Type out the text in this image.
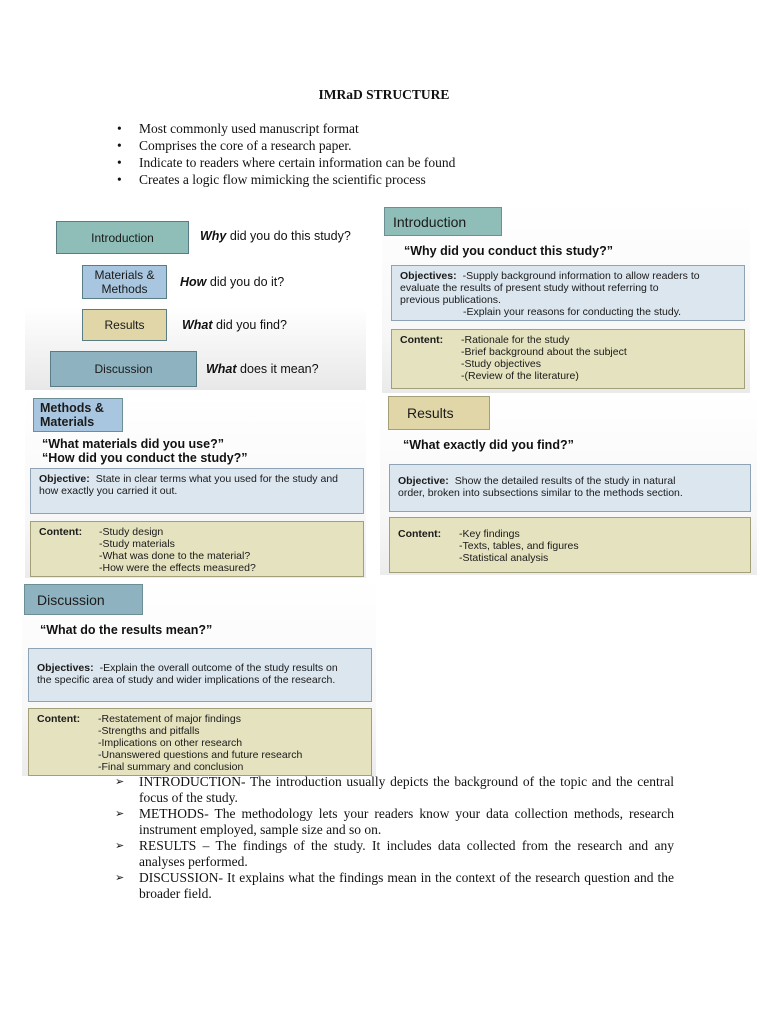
IMRaD STRUCTURE
• Most commonly used manuscript format
• Comprises the core of a research paper.
• Indicate to readers where certain information can be found
• Creates a logic flow mimicking the scientific process
Introduction	Why did you do this study?
Materials & Methods	How did you do it?
Results	What did you find?
Discussion	What does it mean?
Introduction
“Why did you conduct this study?”
Objectives: -Supply background information to allow readers to
evaluate the results of present study without referring to
previous publications.
-Explain your reasons for conducting the study.
Content:	-Rationale for the study
-Brief background about the subject
-Study objectives
-(Review of the literature)
Methods & Materials
“What materials did you use?”
“How did you conduct the study?”
Objective: State in clear terms what you used for the study and
how exactly you carried it out.
Content:	-Study design
-Study materials
-What was done to the material?
-How were the effects measured?
Results
“What exactly did you find?”
Objective: Show the detailed results of the study in natural
order, broken into subsections similar to the methods section.
Content:	-Key findings
-Texts, tables, and figures
-Statistical analysis
Discussion
“What do the results mean?”
Objectives: -Explain the overall outcome of the study results on
the specific area of study and wider implications of the research.
Content:	-Restatement of major findings
-Strengths and pitfalls
-Implications on other research
-Unanswered questions and future research
-Final summary and conclusion
➢ INTRODUCTION- The introduction usually depicts the background of the topic and the central focus of the study.
➢ METHODS- The methodology lets your readers know your data collection methods, research instrument employed, sample size and so on.
➢ RESULTS – The findings of the study. It includes data collected from the research and any analyses performed.
➢ DISCUSSION- It explains what the findings mean in the context of the research question and the broader field.
